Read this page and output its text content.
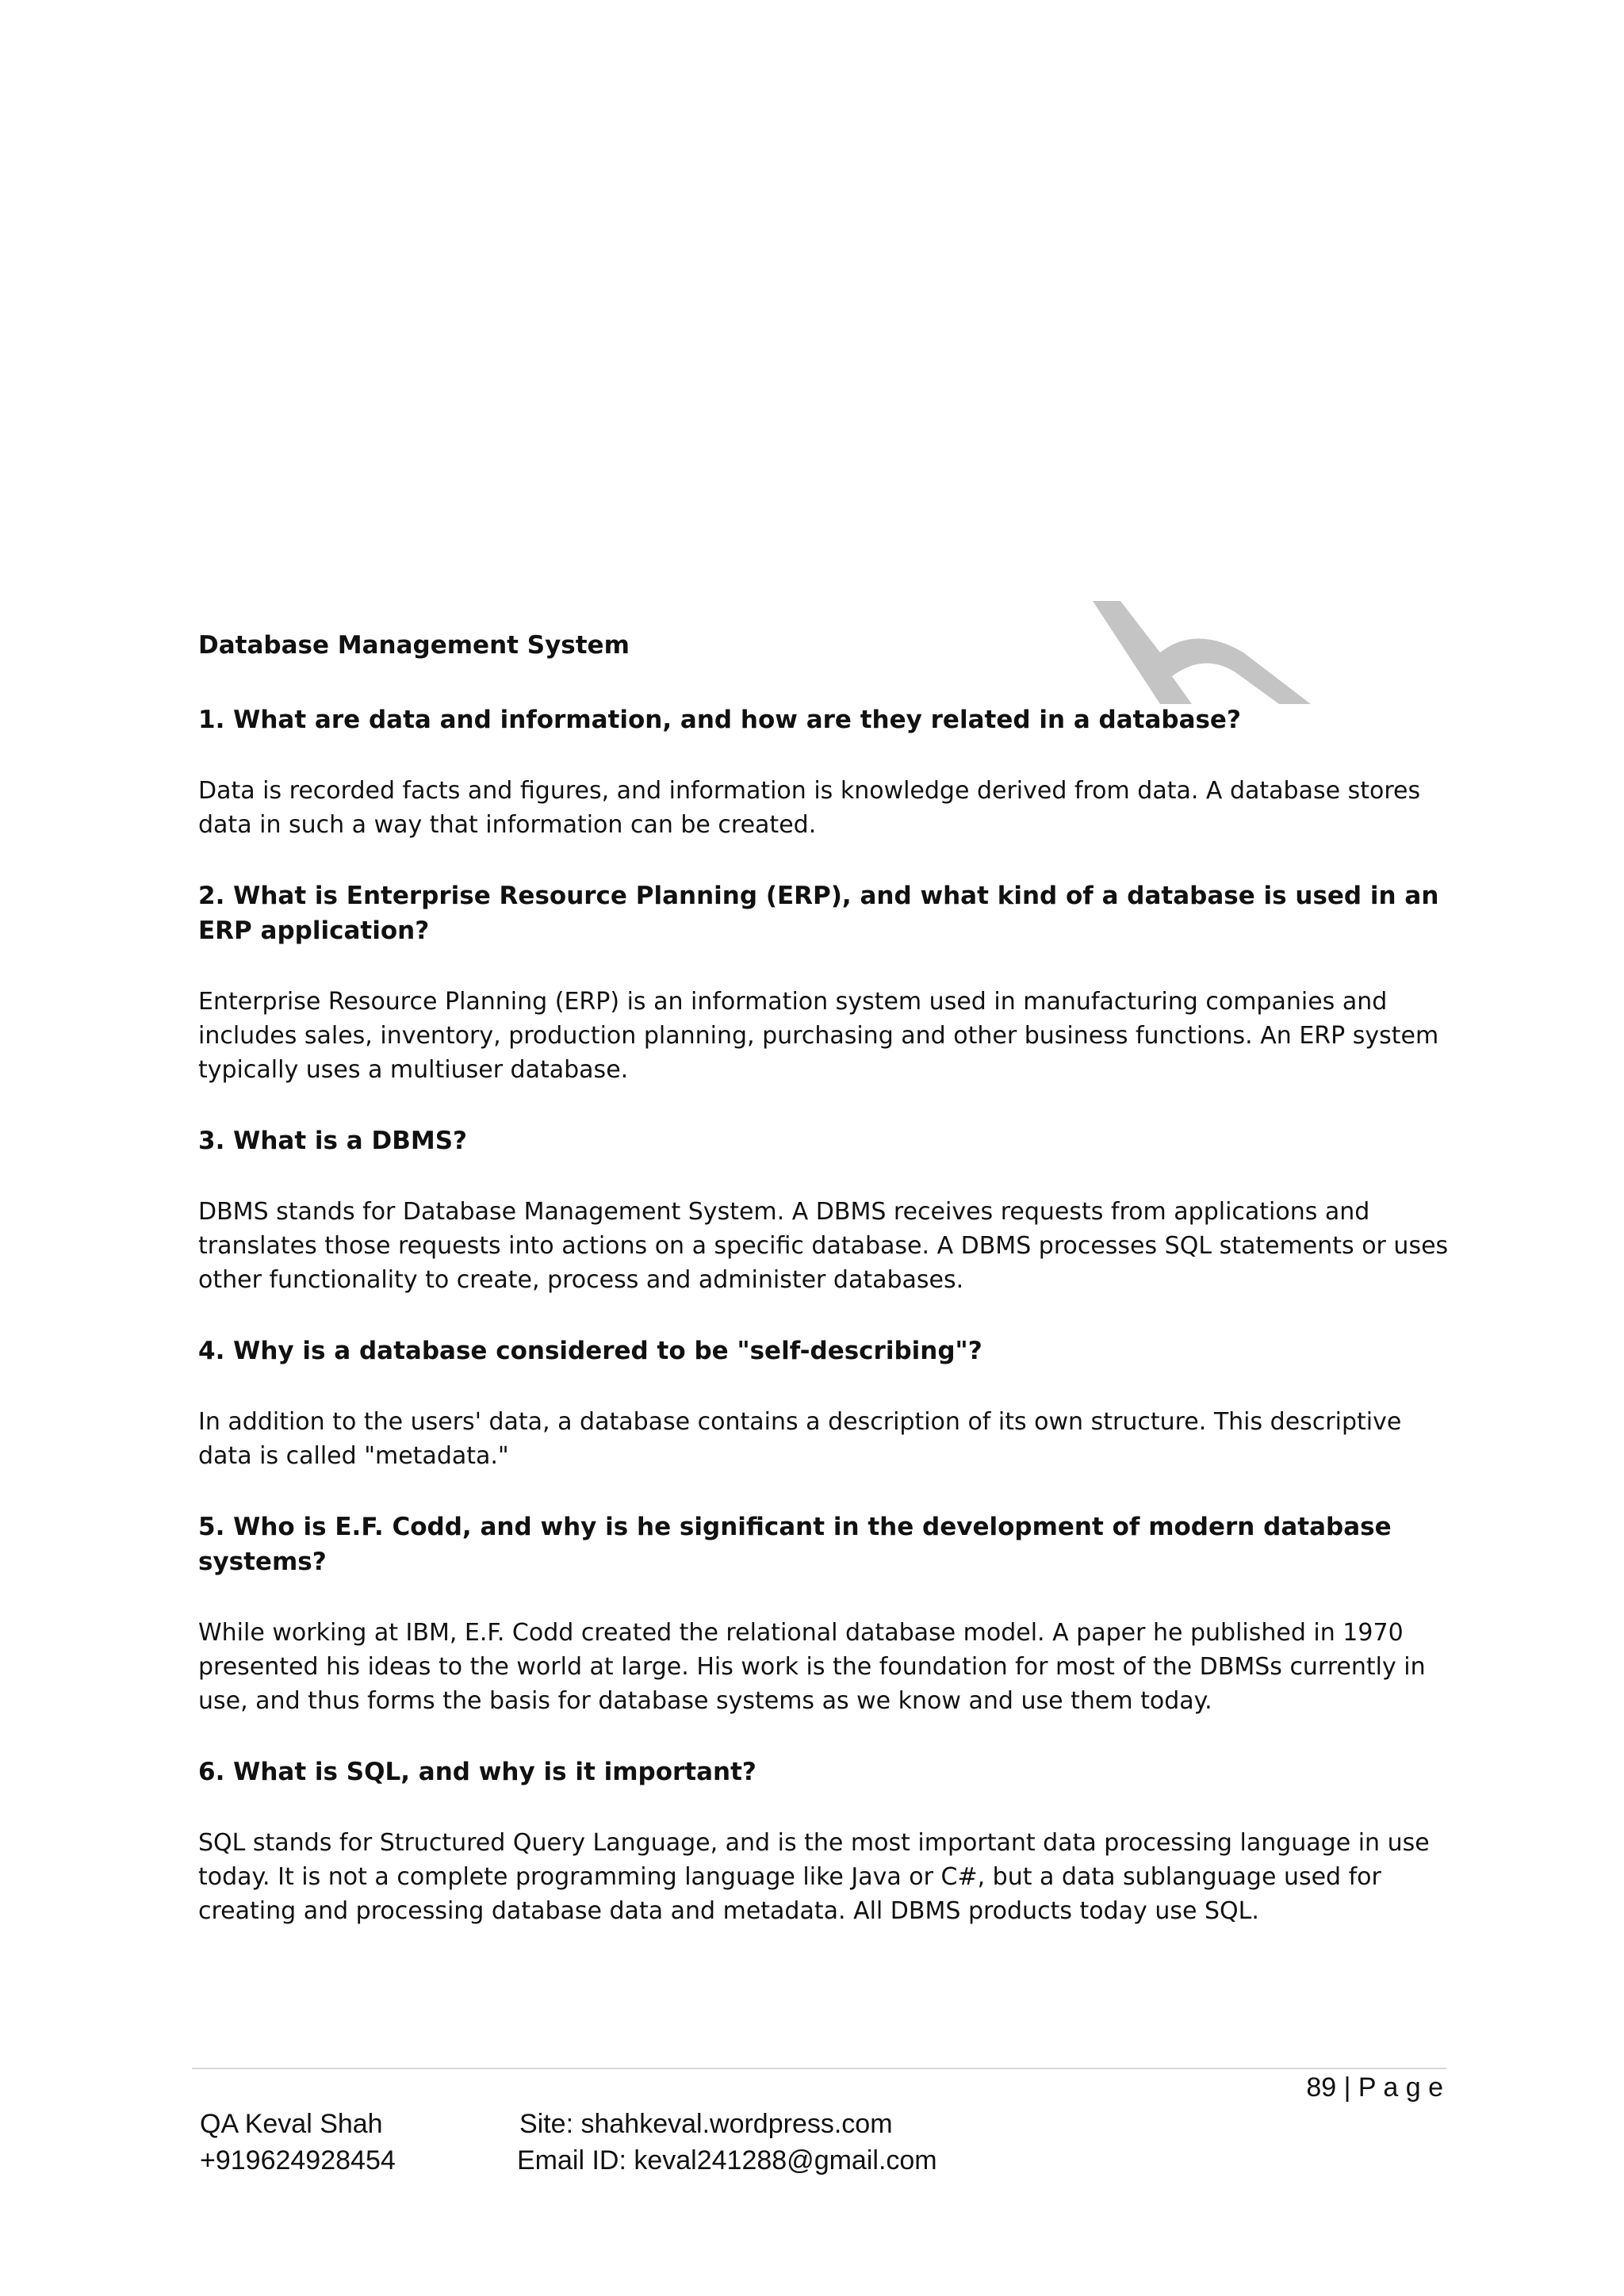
Database Management System
1. What are data and information, and how are they related in a database?
Data is recorded facts and figures, and information is knowledge derived from data. A database stores data in such a way that information can be created.
2. What is Enterprise Resource Planning (ERP), and what kind of a database is used in an ERP application?
Enterprise Resource Planning (ERP) is an information system used in manufacturing companies and includes sales, inventory, production planning, purchasing and other business functions. An ERP system typically uses a multiuser database.
3. What is a DBMS?
DBMS stands for Database Management System. A DBMS receives requests from applications and translates those requests into actions on a specific database. A DBMS processes SQL statements or uses other functionality to create, process and administer databases.
4. Why is a database considered to be "self-describing"?
In addition to the users' data, a database contains a description of its own structure. This descriptive data is called "metadata."
5. Who is E.F. Codd, and why is he significant in the development of modern database systems?
While working at IBM, E.F. Codd created the relational database model. A paper he published in 1970 presented his ideas to the world at large. His work is the foundation for most of the DBMSs currently in use, and thus forms the basis for database systems as we know and use them today.
6. What is SQL, and why is it important?
SQL stands for Structured Query Language, and is the most important data processing language in use today. It is not a complete programming language like Java or C#, but a data sublanguage used for creating and processing database data and metadata. All DBMS products today use SQL.
89 | P a g e
QA Keval Shah
+919624928454
Site: shahkeval.wordpress.com
Email ID: keval241288@gmail.com
